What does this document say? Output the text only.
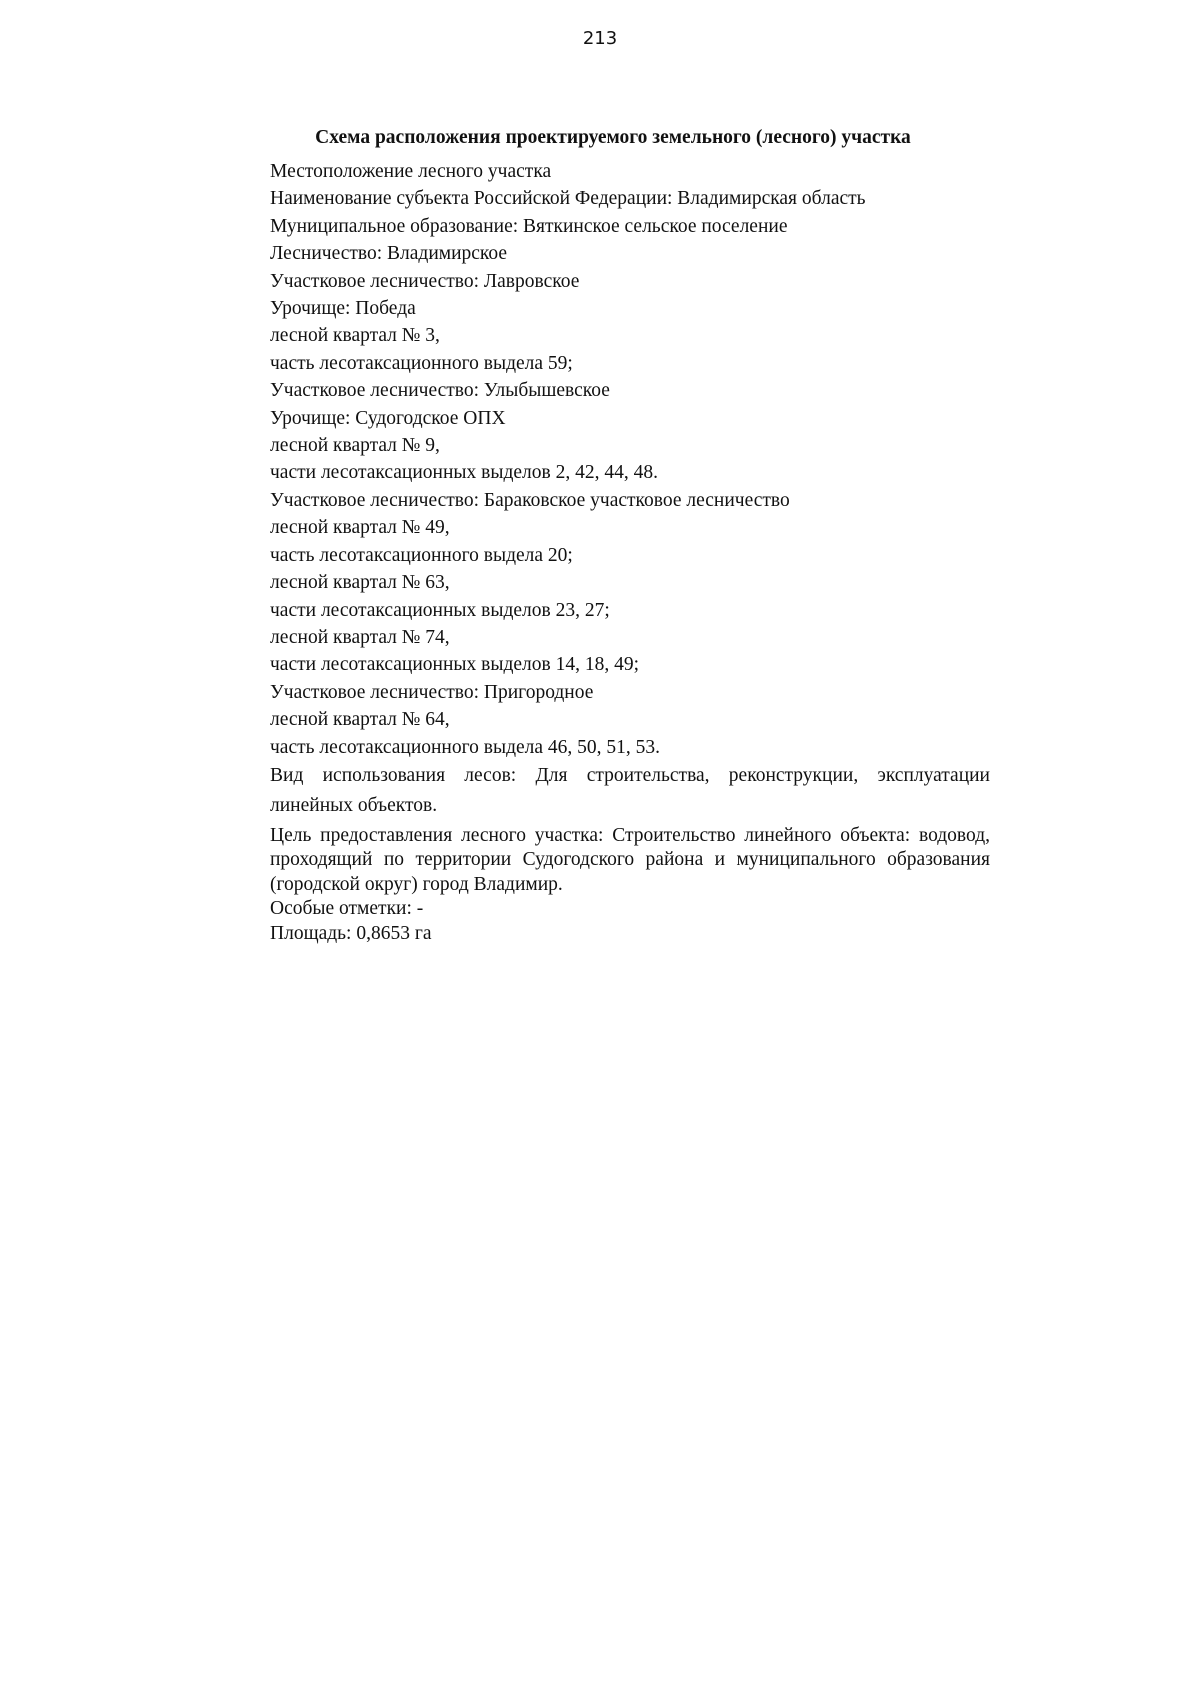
213
Схема расположения проектируемого земельного (лесного) участка
Местоположение лесного участка
Наименование субъекта Российской Федерации: Владимирская область
Муниципальное образование: Вяткинское сельское поселение
Лесничество: Владимирское
Участковое лесничество: Лавровское
Урочище: Победа
лесной квартал № 3,
часть лесотаксационного выдела 59;
Участковое лесничество: Улыбышевское
Урочище: Судогодское ОПХ
лесной квартал № 9,
части лесотаксационных выделов 2, 42, 44, 48.
Участковое лесничество: Бараковское участковое лесничество
лесной квартал № 49,
часть лесотаксационного выдела 20;
лесной квартал № 63,
части лесотаксационных выделов 23, 27;
лесной квартал № 74,
части лесотаксационных выделов 14, 18, 49;
Участковое лесничество: Пригородное
лесной квартал № 64,
часть лесотаксационного выдела 46, 50, 51, 53.
Вид использования лесов: Для строительства, реконструкции, эксплуатации линейных объектов.
Цель предоставления лесного участка: Строительство линейного объекта: водовод, проходящий по территории Судогодского района и муниципального образования (городской округ) город Владимир.
Особые отметки: -
Площадь: 0,8653 га
